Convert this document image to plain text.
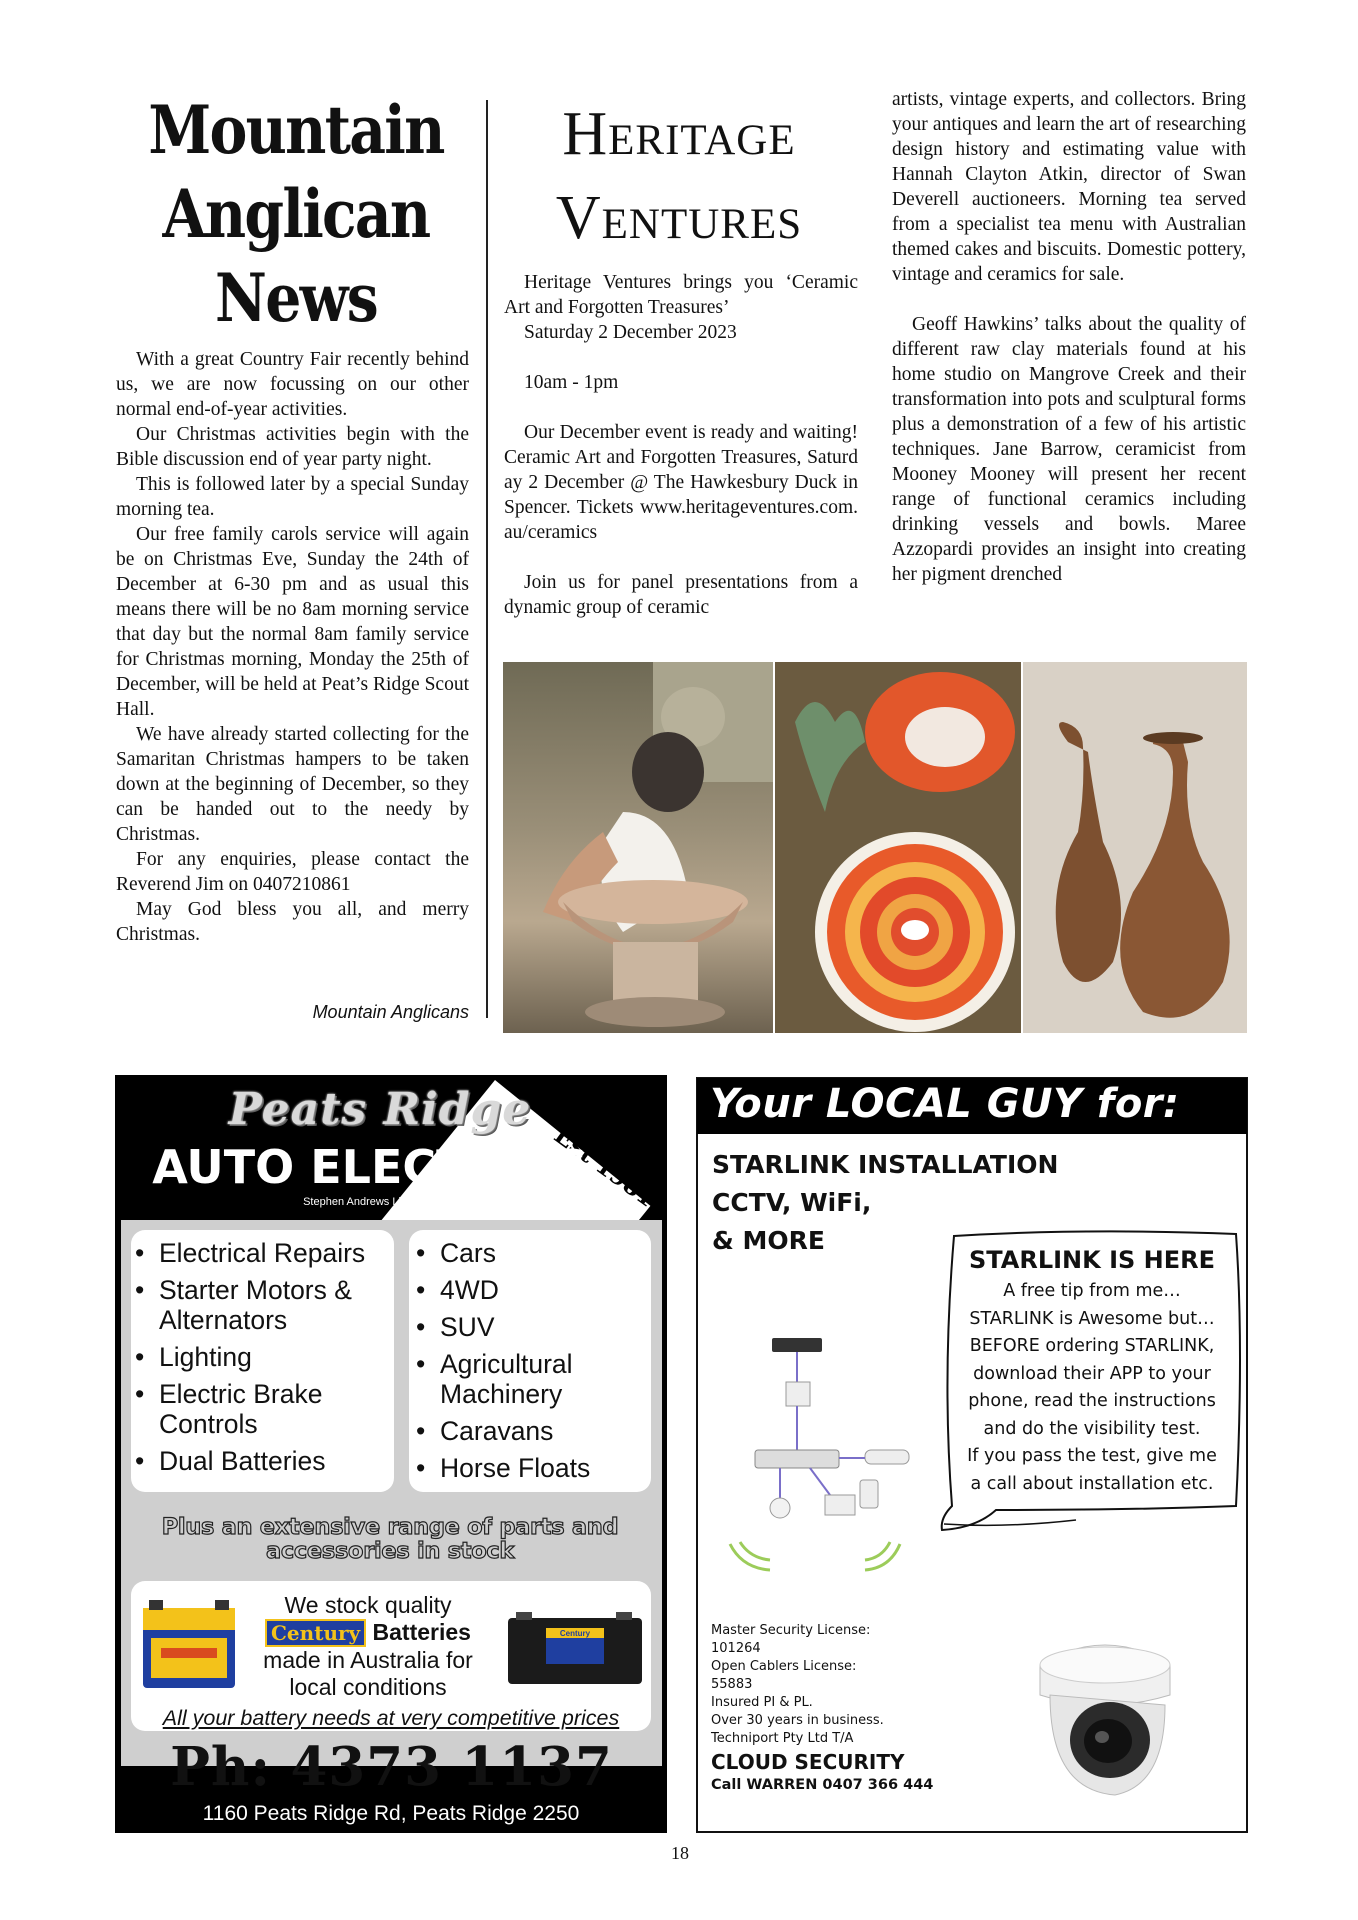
Mountain
Anglican
News

With a great Country Fair recently behind us, we are now focussing on our other normal end-of-year activities.

Our Christmas activities begin with the Bible discussion end of year party night.

This is followed later by a special Sunday morning tea.

Our free family carols service will again be on Christmas Eve, Sunday the 24th of December at 6-30 pm and as usual this means there will be no 8am morning service that day but the normal 8am family service for Christmas morning, Monday the 25th of December, will be held at Peat’s Ridge Scout Hall.

We have already started collecting for the Samaritan Christmas hampers to be taken down at the beginning of December, so they can be handed out to the needy by Christmas.

For any enquiries, please contact the Reverend Jim on 0407210861

May God bless you all, and merry Christmas.

Mountain Anglicans
Heritage
Ventures

Heritage Ventures brings you ‘Ceramic Art and Forgotten Treasures’

Saturday 2 December 2023

10am - 1pm

Our December event is ready and waiting! Ceramic Art and Forgotten Treasures, Saturday 2 December @ The Hawkesbury Duck in Spencer. Tickets www.heritageventures.com.au/ceramics

Join us for panel presentations from a dynamic group of ceramic

artists, vintage experts, and collectors. Bring your antiques and learn the art of researching design history and estimating value with Hannah Clayton Atkin, director of Swan Deverell auctioneers. Morning tea served from a specialist tea menu with Australian themed cakes and biscuits. Domestic pottery, vintage and ceramics for sale.

Geoff Hawkins’ talks about the quality of different raw clay materials found at his home studio on Mangrove Creek and their transformation into pots and sculptural forms plus a demonstration of a few of his artistic techniques. Jane Barrow, ceramicist from Mooney Mooney will present her recent range of functional ceramics including drinking vessels and bowls. Maree Azzopardi provides an insight into creating her pigment drenched

Est 1981
Peats Ridge
AUTO ELECTRICS
Stephen Andrews Lic. No.: MVRL22840
• Electrical Repairs
• Starter Motors & Alternators
• Lighting
• Electric Brake Controls
• Dual Batteries
• Cars
• 4WD
• SUV
• Agricultural Machinery
• Caravans
• Horse Floats
Plus an extensive range of parts and
accessories in stock
We stock quality
Century Batteries
made in Australia for
local conditions
Century
All your battery needs at very competitive prices
Ph: 4373 1137
1160 Peats Ridge Rd, Peats Ridge 2250
Your LOCAL GUY for:
STARLINK INSTALLATION
CCTV, WiFi,
& MORE
STARLINK IS HERE
A free tip from me…
STARLINK is Awesome but…
BEFORE ordering STARLINK,
download their APP to your
phone, read the instructions
and do the visibility test.
If you pass the test, give me
a call about installation etc.
Master Security License:
101264
Open Cablers License:
55883
Insured PI & PL.
Over 30 years in business.
Techniport Pty Ltd T/A
CLOUD SECURITY
Call WARREN 0407 366 444
18
